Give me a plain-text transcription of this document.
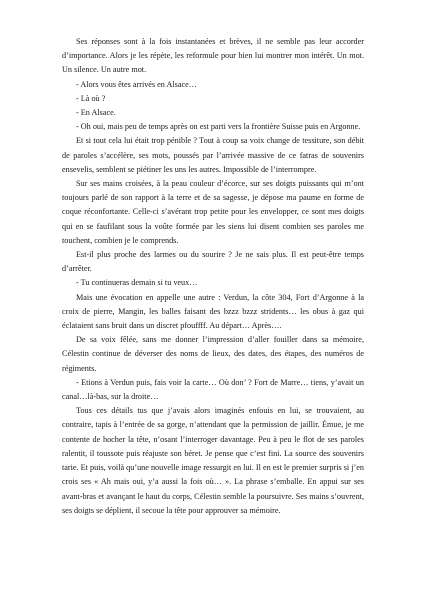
Ses réponses sont à la fois instantanées et brèves, il ne semble pas leur accorder d’importance. Alors je les répète, les reformule pour bien lui montrer mon intérêt. Un mot. Un silence. Un autre mot.

- Alors vous êtes arrivés en Alsace…

- Là où ?

- En Alsace.

- Oh oui, mais peu de temps après on est parti vers la frontière Suisse puis en Argonne.

Et si tout cela lui était trop pénible ? Tout à coup sa voix change de tessiture, son débit de paroles s’accélère, ses mots, poussés par l’arrivée massive de ce fatras de souvenirs ensevelis, semblent se piétiner les uns les autres. Impossible de l’interrompre.

Sur ses mains croisées, à la peau couleur d’écorce, sur ses doigts puissants qui m’ont toujours parlé de son rapport à la terre et de sa sagesse, je dépose ma paume en forme de coque réconfortante. Celle-ci s’avérant trop petite pour les envelopper, ce sont mes doigts qui en se faufilant sous la voûte formée par les siens lui disent combien ses paroles me touchent, combien je le comprends.

Est-il plus proche des larmes ou du sourire ? Je ne sais plus. Il est peut-être temps d’arrêter.

- Tu continueras demain si tu veux…

Mais une évocation en appelle une autre : Verdun, la côte 304, Fort d’Argonne à la croix de pierre, Mangin, les balles faisant des bzzz bzzz stridents… les obus à gaz qui éclataient sans bruit dans un discret pfouffff. Au départ… Après….

De sa voix fêlée, sans me donner l’impression d’aller fouiller dans sa mémoire, Célestin continue de déverser des noms de lieux, des dates, des étapes, des numéros de régiments.

- Etions à Verdun puis, fais voir la carte… Où don’ ? Fort de Marre… tiens, y’avait un canal…là-bas, sur la droite…

Tous ces détails tus que j’avais alors imaginés enfouis en lui, se trouvaient, au contraire, tapis à l’entrée de sa gorge, n’attendant que la permission de jaillir. Émue, je me contente de hocher la tête, n’osant l’interroger davantage. Peu à peu le flot de ses paroles ralentit, il toussote puis réajuste son béret. Je pense que c’est fini. La source des souvenirs tarie. Et puis, voilà qu’une nouvelle image ressurgit en lui. Il en est le premier surpris si j’en crois ses « Ah mais oui, y’a aussi la fois où… ». La phrase s’emballe. En appui sur ses avant-bras et avançant le haut du corps, Célestin semble la poursuivre. Ses mains s’ouvrent, ses doigts se déplient, il secoue la tête pour approuver sa mémoire.
